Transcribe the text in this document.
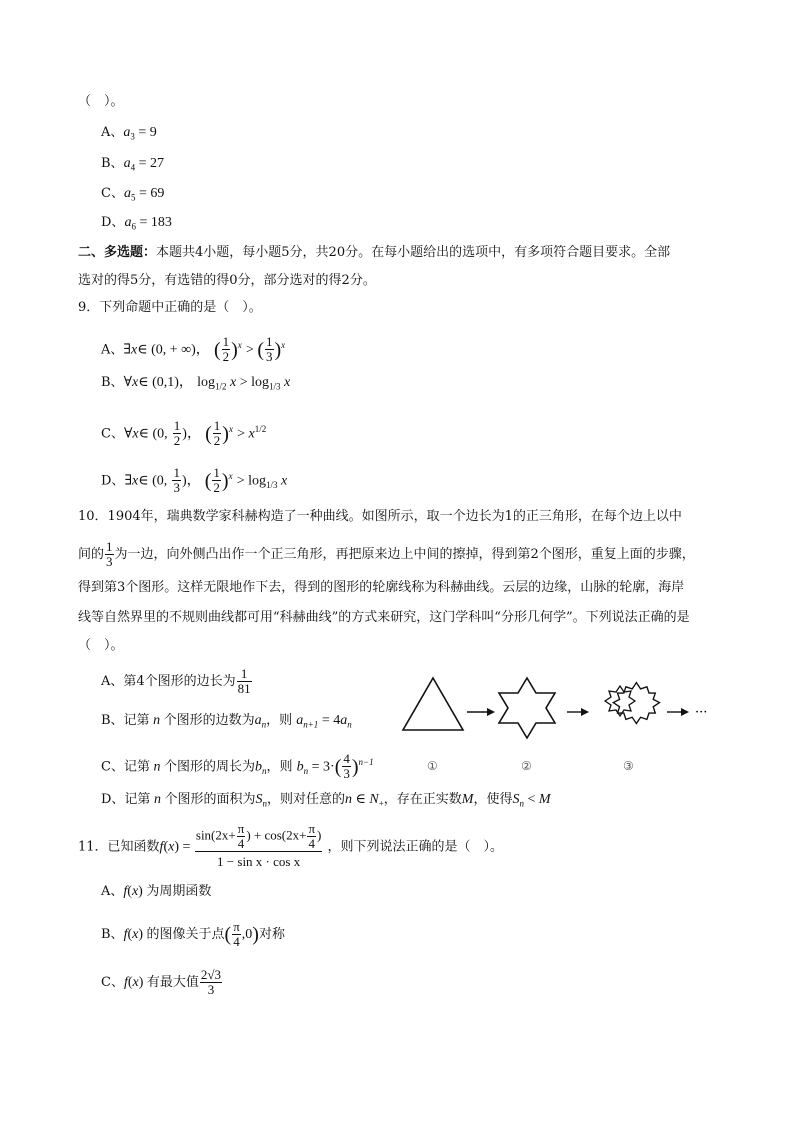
（　）。
A、$a_3 = 9$
B、$a_4 = 27$
C、$a_5 = 69$
D、$a_6 = 183$
二、多选题：本题共4小题，每小题5分，共20分。在每小题给出的选项中，有多项符合题目要求。全部
选对的得5分，有选错的得0分，部分选对的得2分。
9．下列命题中正确的是（　）。
A、∃x∈ (0, + ∞)， ( $\frac{1}{2} )^x$ > ( $\frac{1}{3} )^x$
B、∀x∈ (0,1)， $\log_{1/2} x > \log_{1/3} x$
C、∀x∈ (0, $\frac{1}{2}$ )， ( $\frac{1}{2} )^x > x^{1/2}$
D、∃x∈ (0, $\frac{1}{3}$ )， ( $\frac{1}{2} )^x > \log_{1/3} x$
10．1904年，瑞典数学家科赫构造了一种曲线。如图所示，取一个边长为1的正三角形，在每个边上以中
间的 $\frac{1}{3}$ 为一边，向外侧凸出作一个正三角形，再把原来边上中间的擦掉，得到第2个图形，重复上面的步骤，
得到第3个图形。这样无限地作下去，得到的图形的轮廓线称为科赫曲线。云层的边缘，山脉的轮廓，海岸
线等自然界里的不规则曲线都可用“科赫曲线”的方式来研究，这门学科叫“分形几何学”。下列说法正确的是
（　）。
A、第4个图形的边长为 $\frac{1}{81}$
B、记第 n 个图形的边数为$a_n$，则 $a_{n+1} = 4a_n$
C、记第 n 个图形的周长为$b_n$，则 $b_n = 3\cdot( \frac{4}{3} )^{n-1}$
D、记第 n 个图形的面积为$S_n$，则对任意的n ∈ $N_+$，存在正实数M，使得$S_n < M$
···
①	②	③
11．已知函数$f(x) = \frac{\sin(2x+ \frac{\pi}{4} ) + \cos(2x+ \frac{\pi}{4} )}{\text{1 − sin x · cos x}}$ ，则下列说法正确的是（　）。
A、f(x) 为周期函数
B、f(x) 的图像关于点( $\frac{\pi}{4} ,0$)对称
C、f(x) 有最大值 $\frac{2√3}{3}$
